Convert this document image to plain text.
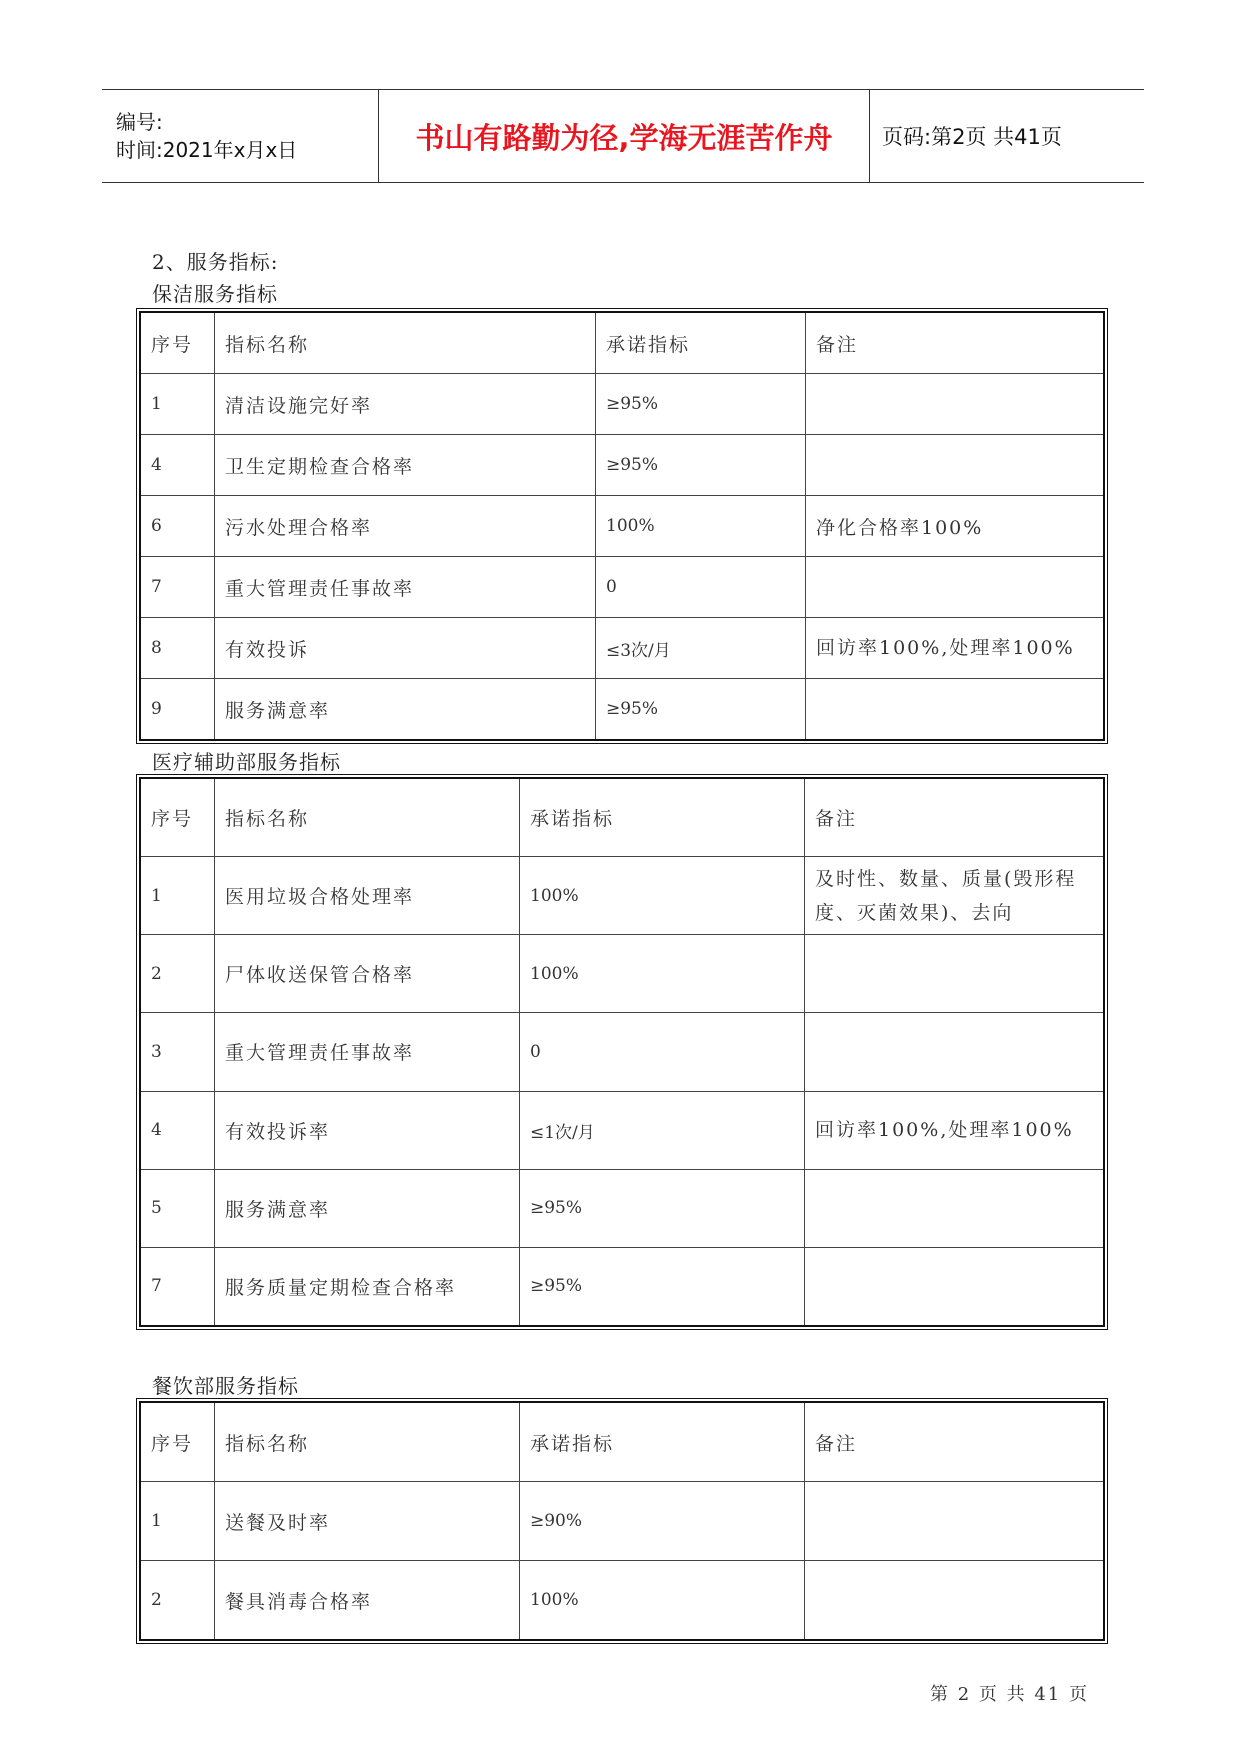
编号:
时间:2021年x月x日	书山有路勤为径,学海无涯苦作舟	页码:第2页 共41页
2、服务指标:
保洁服务指标
序号	指标名称	承诺指标	备注
1	清洁设施完好率	≥95%	
4	卫生定期检查合格率	≥95%	
6	污水处理合格率	100%	净化合格率100%
7	重大管理责任事故率	0	
8	有效投诉	≤3次/月	回访率100%,处理率100%
9	服务满意率	≥95%	
医疗辅助部服务指标
序号	指标名称	承诺指标	备注
1	医用垃圾合格处理率	100%	及时性、数量、质量(毁形程度、灭菌效果)、去向
2	尸体收送保管合格率	100%	
3	重大管理责任事故率	0	
4	有效投诉率	≤1次/月	回访率100%,处理率100%
5	服务满意率	≥95%	
7	服务质量定期检查合格率	≥95%	
餐饮部服务指标
序号	指标名称	承诺指标	备注
1	送餐及时率	≥90%	
2	餐具消毒合格率	100%	
第 2 页 共 41 页
